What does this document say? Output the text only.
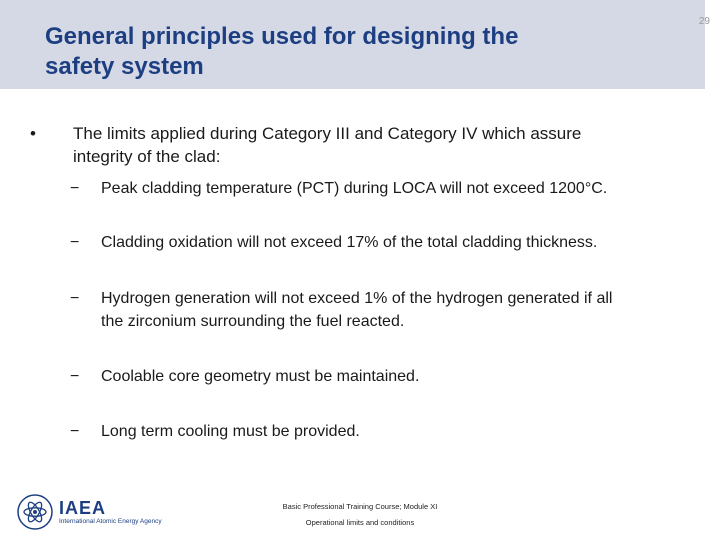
General principles used for designing the
safety system
29
• The limits applied during Category III and Category IV which assure
integrity of the clad:
− Peak cladding temperature (PCT) during LOCA will not exceed 1200°C.
− Cladding oxidation will not exceed 17% of the total cladding thickness.
− Hydrogen generation will not exceed 1% of the hydrogen generated if all
the zirconium surrounding the fuel reacted.
− Coolable core geometry must be maintained.
− Long term cooling must be provided.
IAEA
International Atomic Energy Agency
Basic Professional Training Course; Module XI
Operational limits and conditions
